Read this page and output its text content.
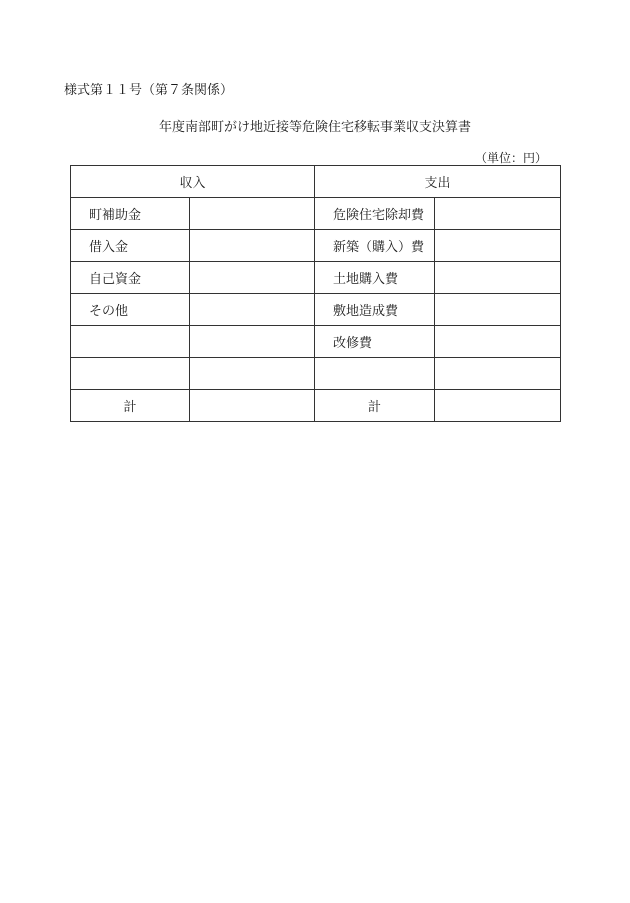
様式第１１号（第７条関係）
年度南部町がけ地近接等危険住宅移転事業収支決算書
（単位：円）
収入		支出	
町補助金		危険住宅除却費	
借入金		新築（購入）費	
自己資金		土地購入費	
その他		敷地造成費	
		改修費	

計		計	
